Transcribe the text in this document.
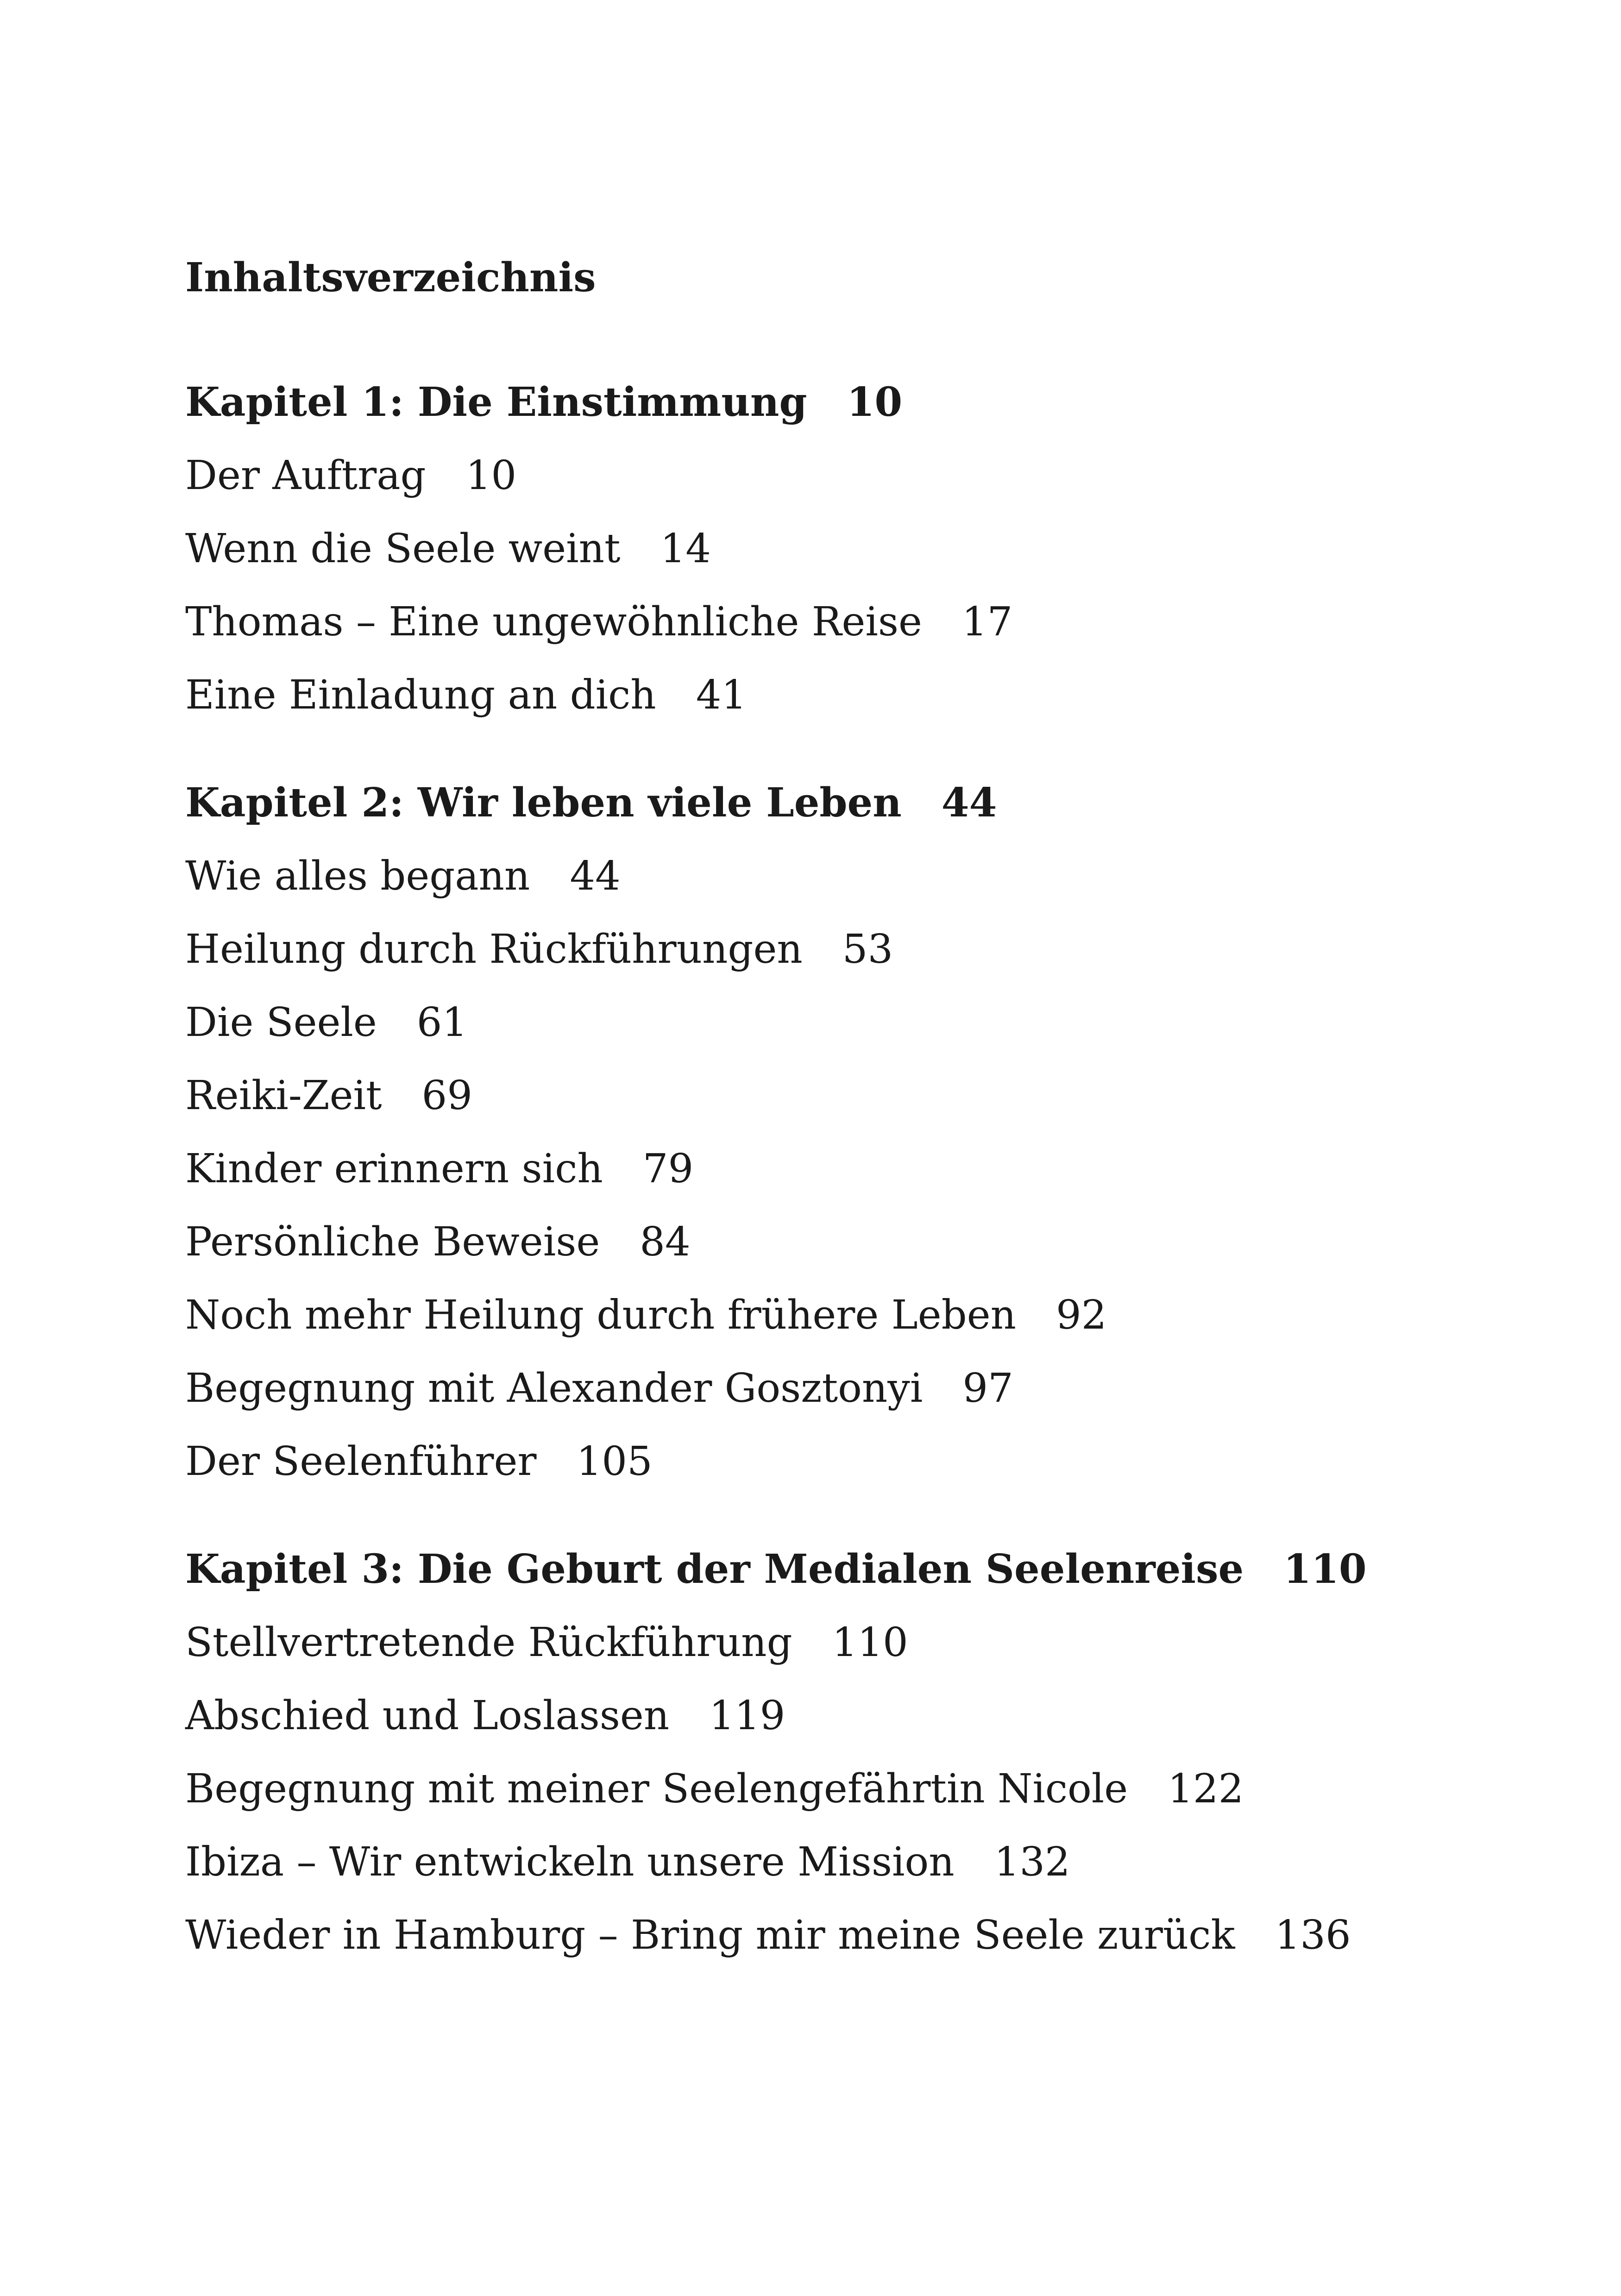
Inhaltsverzeichnis
Kapitel 1: Die Einstimmung 10
Der Auftrag 10
Wenn die Seele weint 14
Thomas – Eine ungewöhnliche Reise 17
Eine Einladung an dich 41
Kapitel 2: Wir leben viele Leben 44
Wie alles begann 44
Heilung durch Rückführungen 53
Die Seele 61
Reiki-Zeit 69
Kinder erinnern sich 79
Persönliche Beweise 84
Noch mehr Heilung durch frühere Leben 92
Begegnung mit Alexander Gosztonyi 97
Der Seelenführer 105
Kapitel 3: Die Geburt der Medialen Seelenreise 110
Stellvertretende Rückführung 110
Abschied und Loslassen 119
Begegnung mit meiner Seelengefährtin Nicole 122
Ibiza – Wir entwickeln unsere Mission 132
Wieder in Hamburg – Bring mir meine Seele zurück 136
